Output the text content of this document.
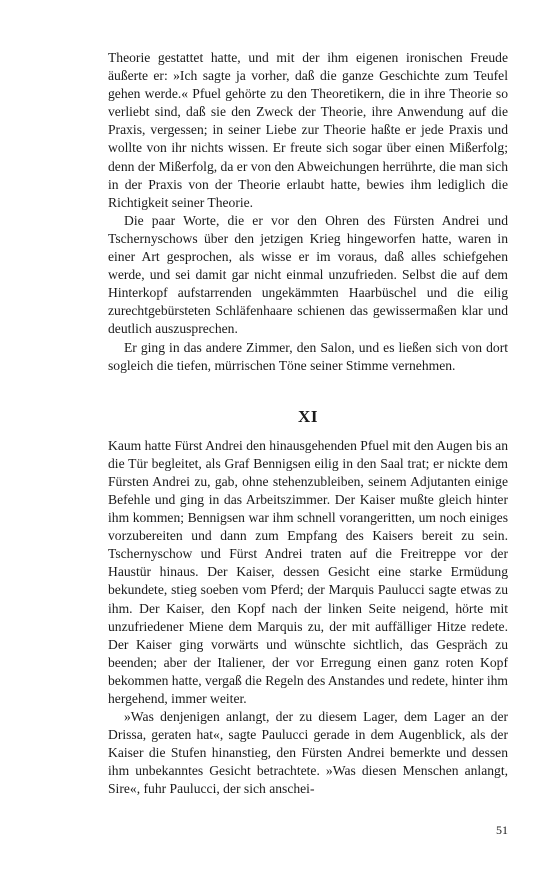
Theorie gestattet hatte, und mit der ihm eigenen ironischen Freude äußerte er: »Ich sagte ja vorher, daß die ganze Geschichte zum Teufel gehen werde.« Pfuel gehörte zu den Theoretikern, die in ihre Theorie so verliebt sind, daß sie den Zweck der Theorie, ihre Anwendung auf die Praxis, vergessen; in seiner Liebe zur Theorie haßte er jede Praxis und wollte von ihr nichts wissen. Er freute sich sogar über einen Mißerfolg; denn der Mißerfolg, da er von den Abweichungen herrührte, die man sich in der Praxis von der Theorie erlaubt hatte, bewies ihm lediglich die Richtigkeit seiner Theorie.

Die paar Worte, die er vor den Ohren des Fürsten Andrei und Tschernyschows über den jetzigen Krieg hingeworfen hatte, waren in einer Art gesprochen, als wisse er im voraus, daß alles schiefgehen werde, und sei damit gar nicht einmal unzufrieden. Selbst die auf dem Hinterkopf aufstarrenden ungekämmten Haarbüschel und die eilig zurechtgebürsteten Schläfenhaare schienen das gewissermaßen klar und deutlich auszusprechen.

Er ging in das andere Zimmer, den Salon, und es ließen sich von dort sogleich die tiefen, mürrischen Töne seiner Stimme vernehmen.

XI

Kaum hatte Fürst Andrei den hinausgehenden Pfuel mit den Augen bis an die Tür begleitet, als Graf Bennigsen eilig in den Saal trat; er nickte dem Fürsten Andrei zu, gab, ohne stehenzubleiben, seinem Adjutanten einige Befehle und ging in das Arbeitszimmer. Der Kaiser mußte gleich hinter ihm kommen; Bennigsen war ihm schnell vorangeritten, um noch einiges vorzubereiten und dann zum Empfang des Kaisers bereit zu sein. Tschernyschow und Fürst Andrei traten auf die Freitreppe vor der Haustür hinaus. Der Kaiser, dessen Gesicht eine starke Ermüdung bekundete, stieg soeben vom Pferd; der Marquis Paulucci sagte etwas zu ihm. Der Kaiser, den Kopf nach der linken Seite neigend, hörte mit unzufriedener Miene dem Marquis zu, der mit auffälliger Hitze redete. Der Kaiser ging vorwärts und wünschte sichtlich, das Gespräch zu beenden; aber der Italiener, der vor Erregung einen ganz roten Kopf bekommen hatte, vergaß die Regeln des Anstandes und redete, hinter ihm hergehend, immer weiter.

»Was denjenigen anlangt, der zu diesem Lager, dem Lager an der Drissa, geraten hat«, sagte Paulucci gerade in dem Augenblick, als der Kaiser die Stufen hinanstieg, den Fürsten Andrei bemerkte und dessen ihm unbekanntes Gesicht betrachtete. »Was diesen Menschen anlangt, Sire«, fuhr Paulucci, der sich anschei-

51
